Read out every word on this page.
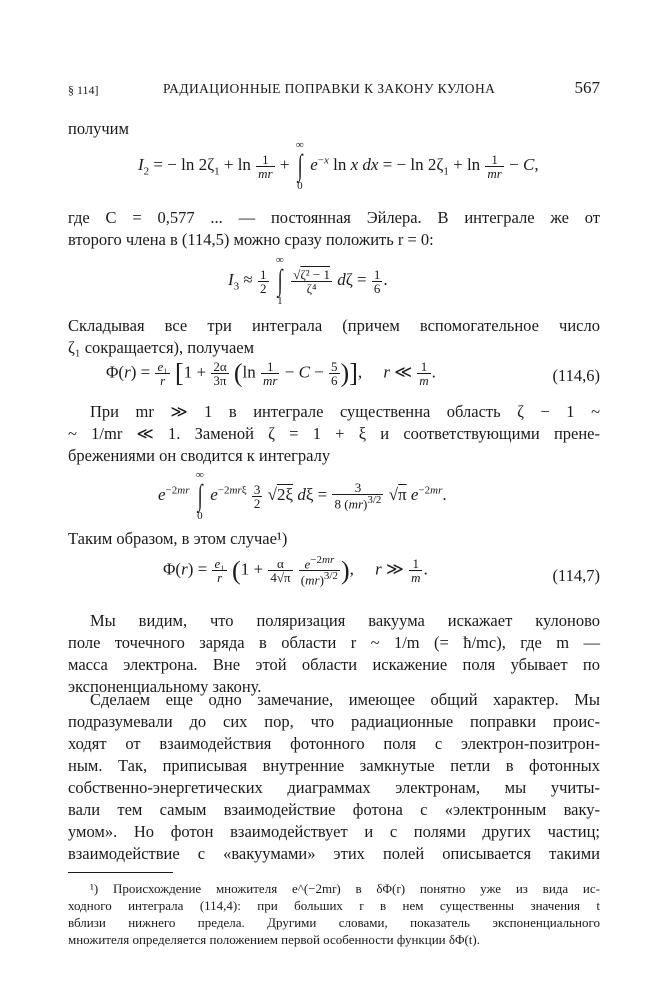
§ 114]	РАДИАЦИОННЫЕ ПОПРАВКИ К ЗАКОНУ КУЛОНА	567
получим
$I_2$ = − $\ln 2\zeta_1 + \ln \frac{1}{mr}$ + ∞
∫
0 $e^{-x}$ ln x dx = − $\ln 2\zeta_1 + \ln \frac{1}{mr} - C$,
где C = 0,577 ... — постоянная Эйлера. В интеграле же от
второго члена в (114,5) можно сразу положить r = 0:
$I_3 \approx \frac{1}{2}$
∞
∫
1
$\frac{\text{√ζ² − 1}}{\text{ζ⁴}}$ $d\zeta = \frac{1}{6}$ .
Складывая все три интеграла (причем вспомогательное число
ζ₁ сокращается), получаем
$\Phi(r) = \frac{\text{e₁}}{r} [1 + \frac{2\alpha}{3\pi} (\ln \frac{1}{mr} - C - \frac{5}{6}$ )],     r ≪ $\frac{1}{m}$ .	(114,6)
При mr ≫ 1 в интеграле существенна область ζ − 1 ~
~ 1/mr ≪ 1. Заменой ζ = 1 + ξ и соответствующими прене-
брежениями он сводится к интегралу
$e^{-2mr}$ ∞
∫
0 $e^{-2mr\xi} \frac{3}{2} √2\xi$ $d\xi = \frac{3}{8 (mr)^{3/2}} √\pi$ $e^{-2mr}$.
Таким образом, в этом случае¹)
$\Phi(r) = \frac{\text{e₁}}{r} (1 + \frac{\alpha}{4√\pi}$
$\frac{e^{-2mr}}{(mr)^{3/2}}$ ),     r ≫ $\frac{1}{m}$ .	(114,7)
Мы видим, что поляризация вакуума искажает кулоново
поле точечного заряда в области r ~ 1/m (= ħ/mc), где m —
масса электрона. Вне этой области искажение поля убывает по
экспоненциальному закону.
Сделаем еще одно замечание, имеющее общий характер. Мы
подразумевали до сих пор, что радиационные поправки проис-
ходят от взаимодействия фотонного поля с электрон-позитрон-
ным. Так, приписывая внутренние замкнутые петли в фотонных
собственно-энергетических диаграммах электронам, мы учиты-
вали тем самым взаимодействие фотона с «электронным ваку-
умом». Но фотон взаимодействует и с полями других частиц;
взаимодействие с «вакуумами» этих полей описывается такими
¹) Происхождение множителя e^(−2mr) в δΦ(r) понятно уже из вида ис-
ходного интеграла (114,4): при больших r в нем существенны значения t
вблизи нижнего предела. Другими словами, показатель экспоненциального
множителя определяется положением первой особенности функции δΦ(t).
